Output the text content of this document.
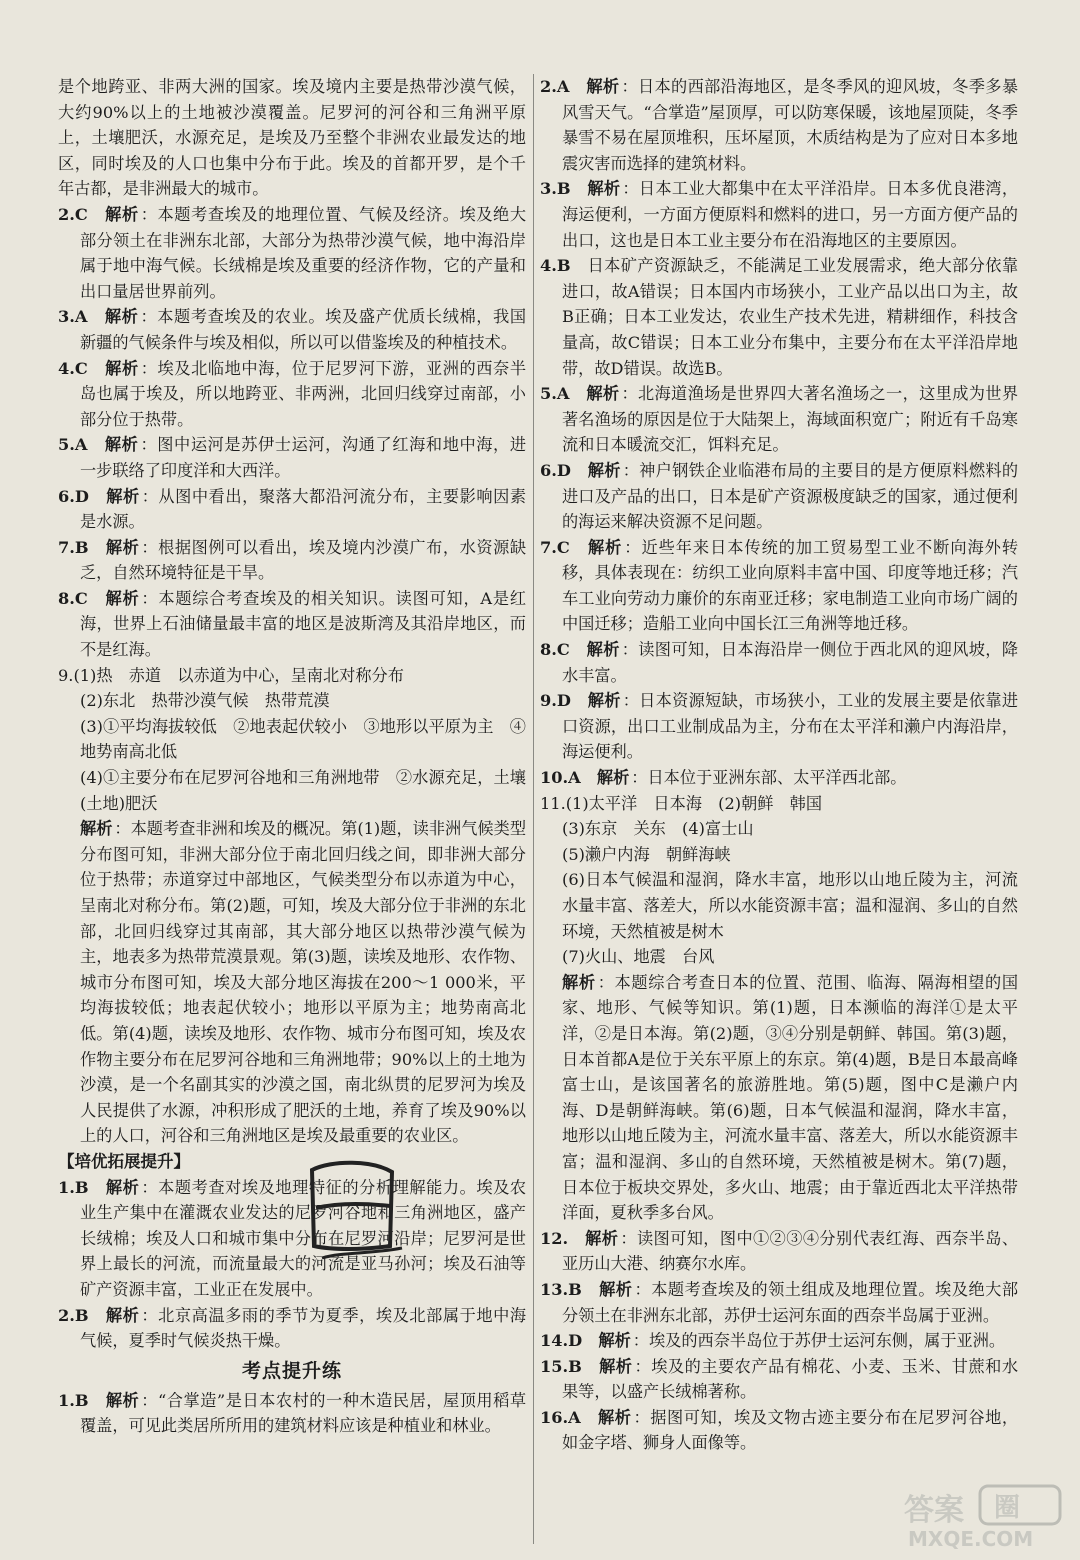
是个地跨亚、非两大洲的国家。埃及境内主要是热带沙漠气候，大约90%以上的土地被沙漠覆盖。尼罗河的河谷和三角洲平原上，土壤肥沃，水源充足，是埃及乃至整个非洲农业最发达的地区，同时埃及的人口也集中分布于此。埃及的首都开罗，是个千年古都，是非洲最大的城市。
2.C　 解析 ：本题考查埃及的地理位置、气候及经济。埃及绝大部分领土在非洲东北部，大部分为热带沙漠气候，地中海沿岸属于地中海气候。长绒棉是埃及重要的经济作物，它的产量和出口量居世界前列。
3.A　 解析 ：本题考查埃及的农业。埃及盛产优质长绒棉，我国新疆的气候条件与埃及相似，所以可以借鉴埃及的种植技术。
4.C　 解析 ：埃及北临地中海，位于尼罗河下游，亚洲的西奈半岛也属于埃及，所以地跨亚、非两洲，北回归线穿过南部，小部分位于热带。
5.A　 解析 ：图中运河是苏伊士运河，沟通了红海和地中海，进一步联络了印度洋和大西洋。
6.D　 解析 ：从图中看出，聚落大都沿河流分布，主要影响因素是水源。
7.B　 解析 ：根据图例可以看出，埃及境内沙漠广布，水资源缺乏，自然环境特征是干旱。
8.C　 解析 ：本题综合考查埃及的相关知识。读图可知，A是红海，世界上石油储量最丰富的地区是波斯湾及其沿岸地区，而不是红海。
9.(1)热　赤道　以赤道为中心，呈南北对称分布
(2)东北　热带沙漠气候　热带荒漠
(3)①平均海拔较低　②地表起伏较小　③地形以平原为主　④地势南高北低
(4)①主要分布在尼罗河谷地和三角洲地带　②水源充足，土壤(土地)肥沃
解析 ：本题考查非洲和埃及的概况。第(1)题，读非洲气候类型分布图可知，非洲大部分位于南北回归线之间，即非洲大部分位于热带；赤道穿过中部地区，气候类型分布以赤道为中心，呈南北对称分布。第(2)题，可知，埃及大部分位于非洲的东北部，北回归线穿过其南部，其大部分地区以热带沙漠气候为主，地表多为热带荒漠景观。第(3)题，读埃及地形、农作物、城市分布图可知，埃及大部分地区海拔在200～1 000米，平均海拔较低；地表起伏较小；地形以平原为主；地势南高北低。第(4)题，读埃及地形、农作物、城市分布图可知，埃及农作物主要分布在尼罗河谷地和三角洲地带；90%以上的土地为沙漠，是一个名副其实的沙漠之国，南北纵贯的尼罗河为埃及人民提供了水源，冲积形成了肥沃的土地，养育了埃及90%以上的人口，河谷和三角洲地区是埃及最重要的农业区。
【培优拓展提升】
1.B　 解析 ：本题考查对埃及地理特征的分析理解能力。埃及农业生产集中在灌溉农业发达的尼罗河谷地和三角洲地区，盛产长绒棉；埃及人口和城市集中分布在尼罗河沿岸；尼罗河是世界上最长的河流，而流量最大的河流是亚马孙河；埃及石油等矿产资源丰富，工业正在发展中。
2.B　 解析 ：北京高温多雨的季节为夏季，埃及北部属于地中海气候，夏季时气候炎热干燥。
考点提升练
1.B　 解析 ：“合掌造”是日本农村的一种木造民居，屋顶用稻草覆盖，可见此类居所所用的建筑材料应该是种植业和林业。
2.A　 解析 ：日本的西部沿海地区，是冬季风的迎风坡，冬季多暴风雪天气。“合掌造”屋顶厚，可以防寒保暖，该地屋顶陡，冬季暴雪不易在屋顶堆积，压坏屋顶，木质结构是为了应对日本多地震灾害而选择的建筑材料。
3.B　 解析 ：日本工业大都集中在太平洋沿岸。日本多优良港湾，海运便利，一方面方便原料和燃料的进口，另一方面方便产品的出口，这也是日本工业主要分布在沿海地区的主要原因。
4.B　 日本矿产资源缺乏，不能满足工业发展需求，绝大部分依靠进口，故A错误；日本国内市场狭小，工业产品以出口为主，故B正确；日本工业发达，农业生产技术先进，精耕细作，科技含量高，故C错误；日本工业分布集中，主要分布在太平洋沿岸地带，故D错误。故选B。
5.A　 解析 ：北海道渔场是世界四大著名渔场之一，这里成为世界著名渔场的原因是位于大陆架上，海域面积宽广；附近有千岛寒流和日本暖流交汇，饵料充足。
6.D　 解析 ：神户钢铁企业临港布局的主要目的是方便原料燃料的进口及产品的出口，日本是矿产资源极度缺乏的国家，通过便利的海运来解决资源不足问题。
7.C　 解析 ：近些年来日本传统的加工贸易型工业不断向海外转移，具体表现在：纺织工业向原料丰富中国、印度等地迁移；汽车工业向劳动力廉价的东南亚迁移；家电制造工业向市场广阔的中国迁移；造船工业向中国长江三角洲等地迁移。
8.C　 解析 ：读图可知，日本海沿岸一侧位于西北风的迎风坡，降水丰富。
9.D　 解析 ：日本资源短缺，市场狭小，工业的发展主要是依靠进口资源，出口工业制成品为主，分布在太平洋和濑户内海沿岸，海运便利。
10.A　 解析 ：日本位于亚洲东部、太平洋西北部。
11.(1)太平洋　日本海　(2)朝鲜　韩国
(3)东京　关东　(4)富士山
(5)濑户内海　朝鲜海峡
(6)日本气候温和湿润，降水丰富，地形以山地丘陵为主，河流水量丰富、落差大，所以水能资源丰富；温和湿润、多山的自然环境，天然植被是树木
(7)火山、地震　台风
解析 ：本题综合考查日本的位置、范围、临海、隔海相望的国家、地形、气候等知识。第(1)题，日本濒临的海洋①是太平洋，②是日本海。第(2)题，③④分别是朝鲜、韩国。第(3)题，日本首都A是位于关东平原上的东京。第(4)题，B是日本最高峰富士山，是该国著名的旅游胜地。第(5)题，图中C是濑户内海、D是朝鲜海峡。第(6)题，日本气候温和湿润，降水丰富，地形以山地丘陵为主，河流水量丰富、落差大，所以水能资源丰富；温和湿润、多山的自然环境，天然植被是树木。第(7)题，日本位于板块交界处，多火山、地震；由于靠近西北太平洋热带洋面，夏秋季多台风。
12.　 解析 ：读图可知，图中①②③④分别代表红海、西奈半岛、亚历山大港、纳赛尔水库。
13.B　 解析 ：本题考查埃及的领土组成及地理位置。埃及绝大部分领土在非洲东北部，苏伊士运河东面的西奈半岛属于亚洲。
14.D　 解析 ：埃及的西奈半岛位于苏伊士运河东侧，属于亚洲。
15.B　 解析 ：埃及的主要农产品有棉花、小麦、玉米、甘蔗和水果等，以盛产长绒棉著称。
16.A　 解析 ：据图可知，埃及文物古迹主要分布在尼罗河谷地，如金字塔、狮身人面像等。
答案 圈
MXQE.COM
